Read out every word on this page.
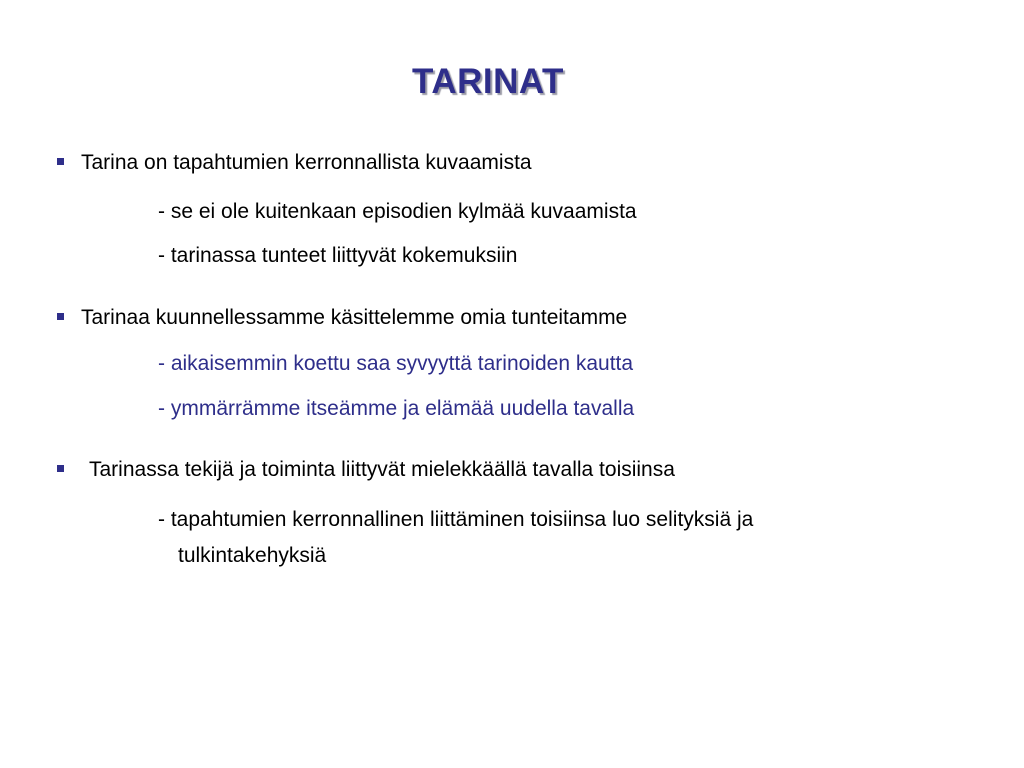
TARINAT
Tarina on tapahtumien kerronnallista kuvaamista
- se ei ole kuitenkaan episodien kylmää kuvaamista
- tarinassa tunteet liittyvät kokemuksiin
Tarinaa kuunnellessamme käsittelemme omia tunteitamme
- aikaisemmin koettu saa syvyyttä tarinoiden kautta
- ymmärrämme itseämme ja elämää uudella tavalla
Tarinassa tekijä ja toiminta liittyvät mielekkäällä tavalla toisiinsa
- tapahtumien kerronnallinen liittäminen toisiinsa luo selityksiä ja
tulkintakehyksiä
